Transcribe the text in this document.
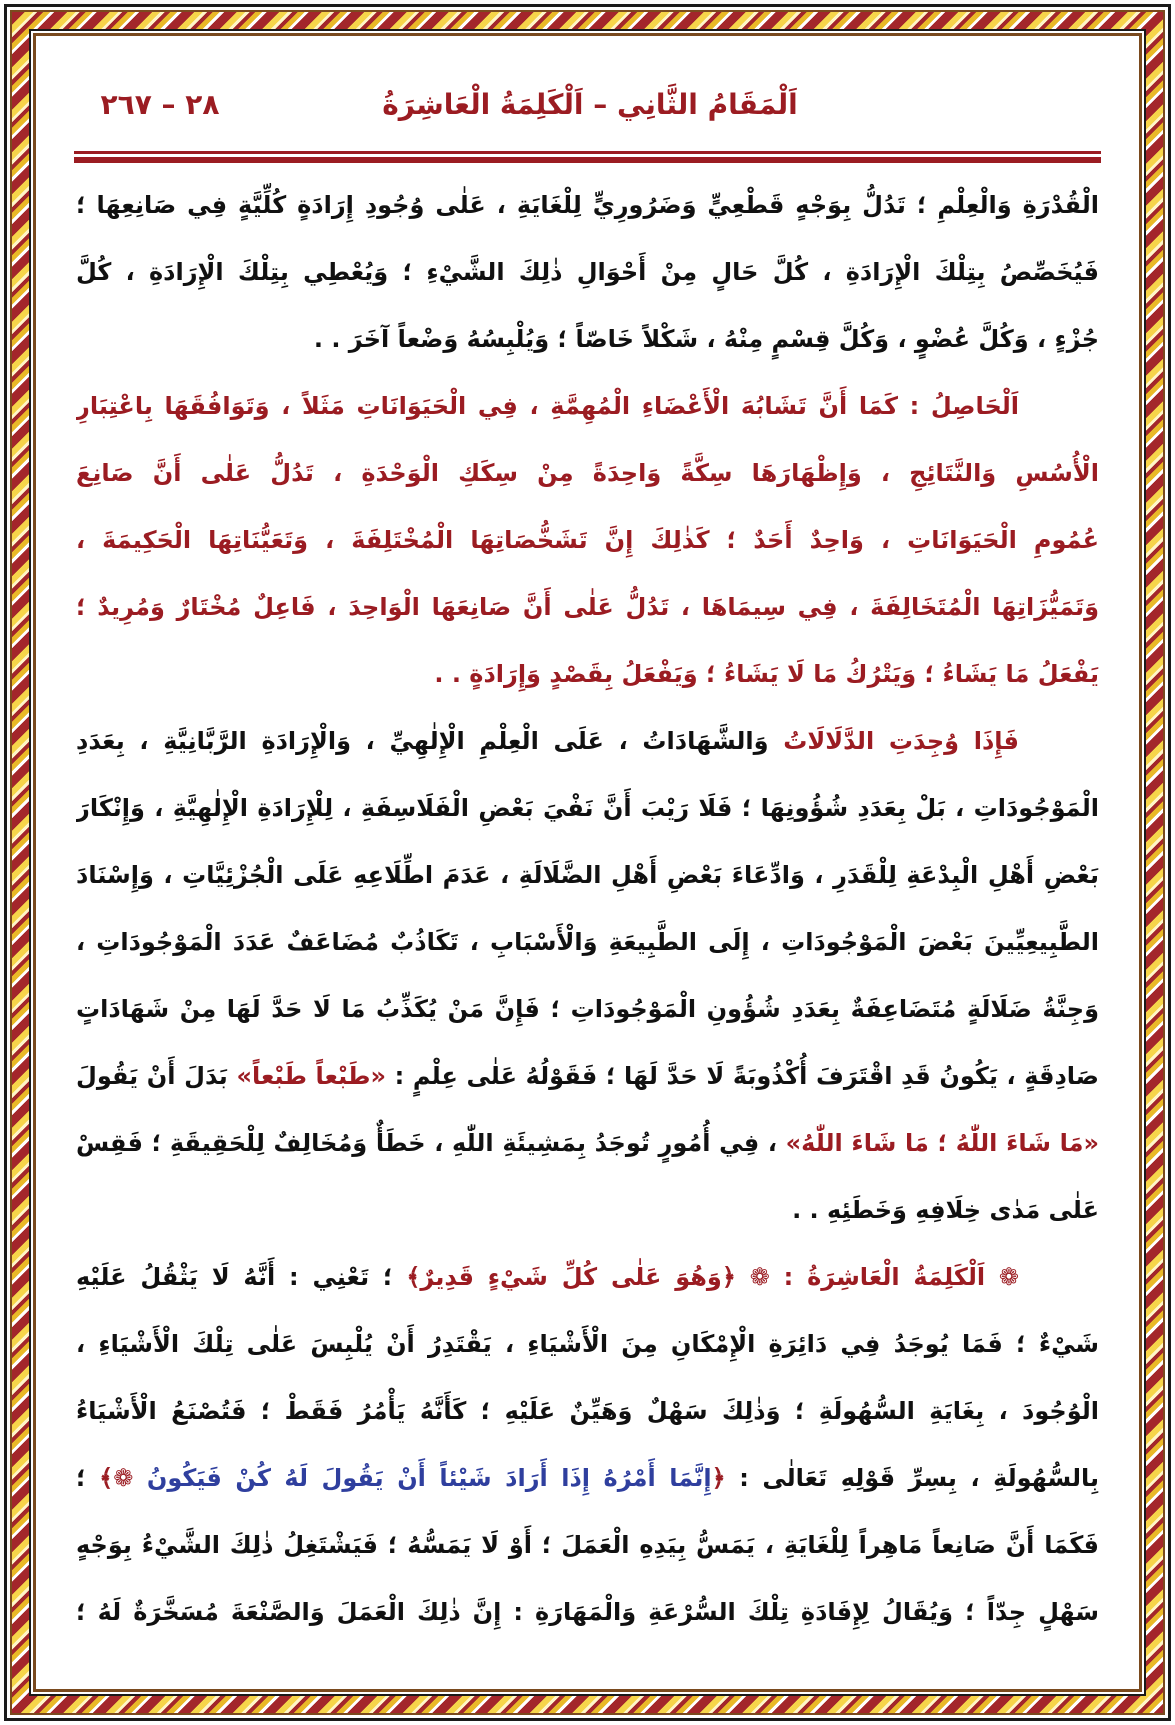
اَلْمَقَامُ الثَّانِي – اَلْكَلِمَةُ الْعَاشِرَةُ
٢٨ – ٢٦٧
الْقُدْرَةِ وَالْعِلْمِ ؛ تَدُلُّ بِوَجْهٍ قَطْعِيٍّ وَضَرُورِيٍّ لِلْغَايَةِ ، عَلٰى وُجُودِ إِرَادَةٍ كُلِّيَّةٍ فِي صَانِعِهَا ؛
فَيُخَصِّصُ بِتِلْكَ الْإِرَادَةِ ، كُلَّ حَالٍ مِنْ أَحْوَالِ ذٰلِكَ الشَّيْءِ ؛ وَيُعْطِي بِتِلْكَ الْإِرَادَةِ ، كُلَّ
جُزْءٍ ، وَكُلَّ عُضْوٍ ، وَكُلَّ قِسْمٍ مِنْهُ ، شَكْلاً خَاصّاً ؛ وَيُلْبِسُهُ وَضْعاً آخَرَ . .
اَلْحَاصِلُ : كَمَا أَنَّ تَشَابُهَ الْأَعْضَاءِ الْمُهِمَّةِ ، فِي الْحَيَوَانَاتِ مَثَلاً ، وَتَوَافُقَهَا بِاعْتِبَارِ
الْأُسُسِ وَالنَّتَائِجِ ، وَإِظْهَارَهَا سِكَّةً وَاحِدَةً مِنْ سِكَكِ الْوَحْدَةِ ، تَدُلُّ عَلٰى أَنَّ صَانِعَ
عُمُومِ الْحَيَوَانَاتِ ، وَاحِدٌ أَحَدٌ ؛ كَذٰلِكَ إِنَّ تَشَخُّصَاتِهَا الْمُخْتَلِفَةَ ، وَتَعَيُّنَاتِهَا الْحَكِيمَةَ ،
وَتَمَيُّزَاتِهَا الْمُتَخَالِفَةَ ، فِي سِيمَاهَا ، تَدُلُّ عَلٰى أَنَّ صَانِعَهَا الْوَاحِدَ ، فَاعِلٌ مُخْتَارٌ وَمُرِيدٌ ؛
يَفْعَلُ مَا يَشَاءُ ؛ وَيَتْرُكُ مَا لَا يَشَاءُ ؛ وَيَفْعَلُ بِقَصْدٍ وَإِرَادَةٍ . .
فَإِذَا وُجِدَتِ الدَّلَالَاتُ وَالشَّهَادَاتُ ، عَلَى الْعِلْمِ الْإِلٰهِيِّ ، وَالْإِرَادَةِ الرَّبَّانِيَّةِ ، بِعَدَدِ
الْمَوْجُودَاتِ ، بَلْ بِعَدَدِ شُؤُونِهَا ؛ فَلَا رَيْبَ أَنَّ نَفْيَ بَعْضِ الْفَلَاسِفَةِ ، لِلْإِرَادَةِ الْإِلٰهِيَّةِ ، وَإِنْكَارَ
بَعْضِ أَهْلِ الْبِدْعَةِ لِلْقَدَرِ ، وَادِّعَاءَ بَعْضِ أَهْلِ الضَّلَالَةِ ، عَدَمَ اطِّلَاعِهِ عَلَى الْجُزْئِيَّاتِ ، وَإِسْنَادَ
الطَّبِيعِيِّينَ بَعْضَ الْمَوْجُودَاتِ ، إِلَى الطَّبِيعَةِ وَالْأَسْبَابِ ، تَكَاذُبٌ مُضَاعَفٌ عَدَدَ الْمَوْجُودَاتِ ،
وَجِنَّةُ ضَلَالَةٍ مُتَضَاعِفَةٌ بِعَدَدِ شُؤُونِ الْمَوْجُودَاتِ ؛ فَإِنَّ مَنْ يُكَذِّبُ مَا لَا حَدَّ لَهَا مِنْ شَهَادَاتٍ
صَادِقَةٍ ، يَكُونُ قَدِ اقْتَرَفَ أُكْذُوبَةً لَا حَدَّ لَهَا ؛ فَقَوْلُهُ عَلٰى عِلْمٍ : «طَبْعاً طَبْعاً» بَدَلَ أَنْ يَقُولَ
«مَا شَاءَ اللّٰهُ ؛ مَا شَاءَ اللّٰهُ» ، فِي أُمُورٍ تُوجَدُ بِمَشِيئَةِ اللّٰهِ ، خَطَأٌ وَمُخَالِفٌ لِلْحَقِيقَةِ ؛ فَقِسْ
عَلٰى مَدٰى خِلَافِهِ وَخَطَئِهِ . .
❁ اَلْكَلِمَةُ الْعَاشِرَةُ : ❁ ﴿وَهُوَ عَلٰى كُلِّ شَيْءٍ قَدِيرٌ﴾ ؛ تَعْنِي : أَنَّهُ لَا يَثْقُلُ عَلَيْهِ
شَيْءٌ ؛ فَمَا يُوجَدُ فِي دَائِرَةِ الْإِمْكَانِ مِنَ الْأَشْيَاءِ ، يَقْتَدِرُ أَنْ يُلْبِسَ عَلٰى تِلْكَ الْأَشْيَاءِ ،
الْوُجُودَ ، بِغَايَةِ السُّهُولَةِ ؛ وَذٰلِكَ سَهْلٌ وَهَيِّنٌ عَلَيْهِ ؛ كَأَنَّهُ يَأْمُرُ فَقَطْ ؛ فَتُصْنَعُ الْأَشْيَاءُ
بِالسُّهُولَةِ ، بِسِرِّ قَوْلِهِ تَعَالٰى : ﴿إِنَّمَا أَمْرُهُ إِذَا أَرَادَ شَيْئاً أَنْ يَقُولَ لَهُ كُنْ فَيَكُونُ ❁﴾ ؛
فَكَمَا أَنَّ صَانِعاً مَاهِراً لِلْغَايَةِ ، يَمَسُّ بِيَدِهِ الْعَمَلَ ؛ أَوْ لَا يَمَسُّهُ ؛ فَيَشْتَغِلُ ذٰلِكَ الشَّيْءُ بِوَجْهٍ
سَهْلٍ جِدّاً ؛ وَيُقَالُ لِإِفَادَةِ تِلْكَ السُّرْعَةِ وَالْمَهَارَةِ : إِنَّ ذٰلِكَ الْعَمَلَ وَالصَّنْعَةَ مُسَخَّرَةٌ لَهُ ؛
